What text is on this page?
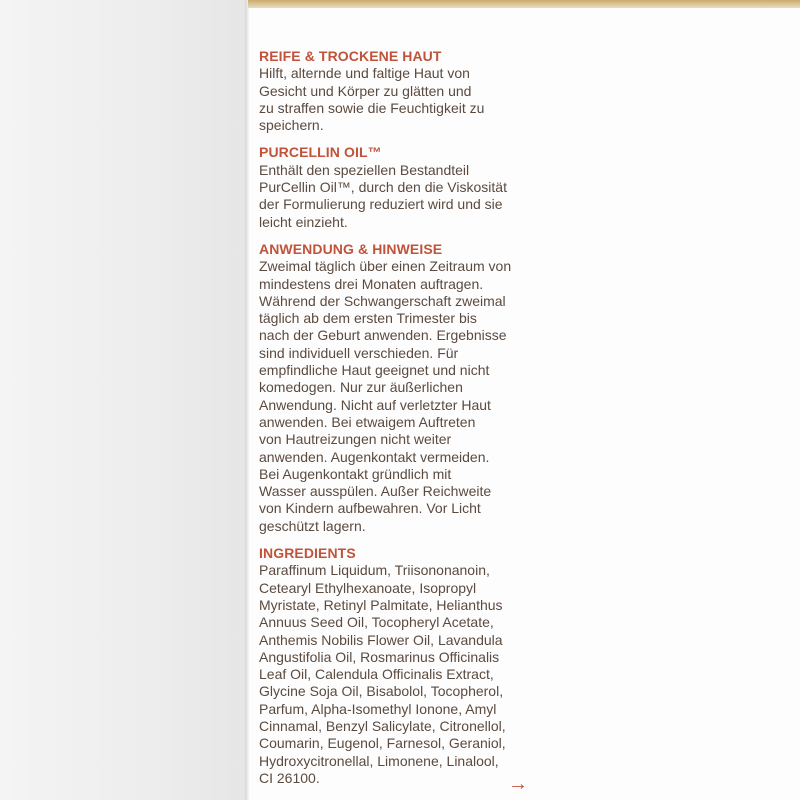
REIFE & TROCKENE HAUT
Hilft, alternde und faltige Haut von
Gesicht und Körper zu glätten und
zu straffen sowie die Feuchtigkeit zu
speichern.
PURCELLIN OIL™
Enthält den speziellen Bestandteil
PurCellin Oil™, durch den die Viskosität
der Formulierung reduziert wird und sie
leicht einzieht.
ANWENDUNG & HINWEISE
Zweimal täglich über einen Zeitraum von
mindestens drei Monaten auftragen.
Während der Schwangerschaft zweimal
täglich ab dem ersten Trimester bis
nach der Geburt anwenden. Ergebnisse
sind individuell verschieden. Für
empfindliche Haut geeignet und nicht
komedogen. Nur zur äußerlichen
Anwendung. Nicht auf verletzter Haut
anwenden. Bei etwaigem Auftreten
von Hautreizungen nicht weiter
anwenden. Augenkontakt vermeiden.
Bei Augenkontakt gründlich mit
Wasser ausspülen. Außer Reichweite
von Kindern aufbewahren. Vor Licht
geschützt lagern.
INGREDIENTS
Paraffinum Liquidum, Triisononanoin,
Cetearyl Ethylhexanoate, Isopropyl
Myristate, Retinyl Palmitate, Helianthus
Annuus Seed Oil, Tocopheryl Acetate,
Anthemis Nobilis Flower Oil, Lavandula
Angustifolia Oil, Rosmarinus Officinalis
Leaf Oil, Calendula Officinalis Extract,
Glycine Soja Oil, Bisabolol, Tocopherol,
Parfum, Alpha-Isomethyl Ionone, Amyl
Cinnamal, Benzyl Salicylate, Citronellol,
Coumarin, Eugenol, Farnesol, Geraniol,
Hydroxycitronellal, Limonene, Linalool,
CI 26100.	→
